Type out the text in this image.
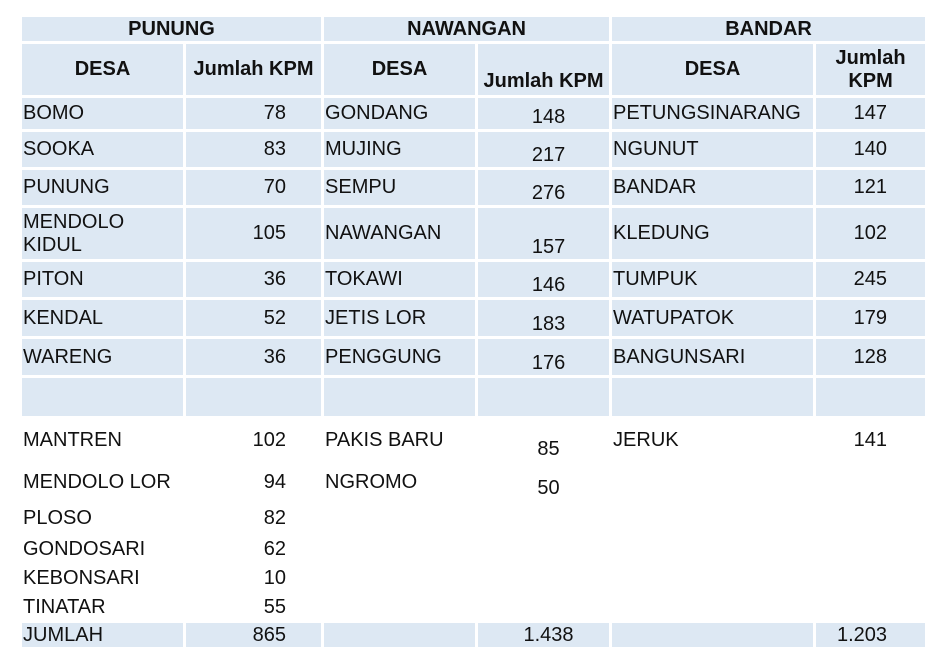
PUNUNG		NAWANGAN		BANDAR	
DESA	Jumlah KPM	DESA	Jumlah KPM	DESA	Jumlah
KPM
BOMO	78	GONDANG	148	PETUNGSINARANG	147
SOOKA	83	MUJING	217	NGUNUT	140
PUNUNG	70	SEMPU	276	BANDAR	121
MENDOLO KIDUL	105	NAWANGAN	157	KLEDUNG	102
PITON	36	TOKAWI	146	TUMPUK	245
KENDAL	52	JETIS LOR	183	WATUPATOK	179
WARENG	36	PENGGUNG	176	BANGUNSARI	128

MANTREN	102	PAKIS BARU	85	JERUK	141
MENDOLO LOR	94	NGROMO	50		
PLOSO	82				
GONDOSARI	62				
KEBONSARI	10				
TINATAR	55				
JUMLAH	865		1.438		1.203
